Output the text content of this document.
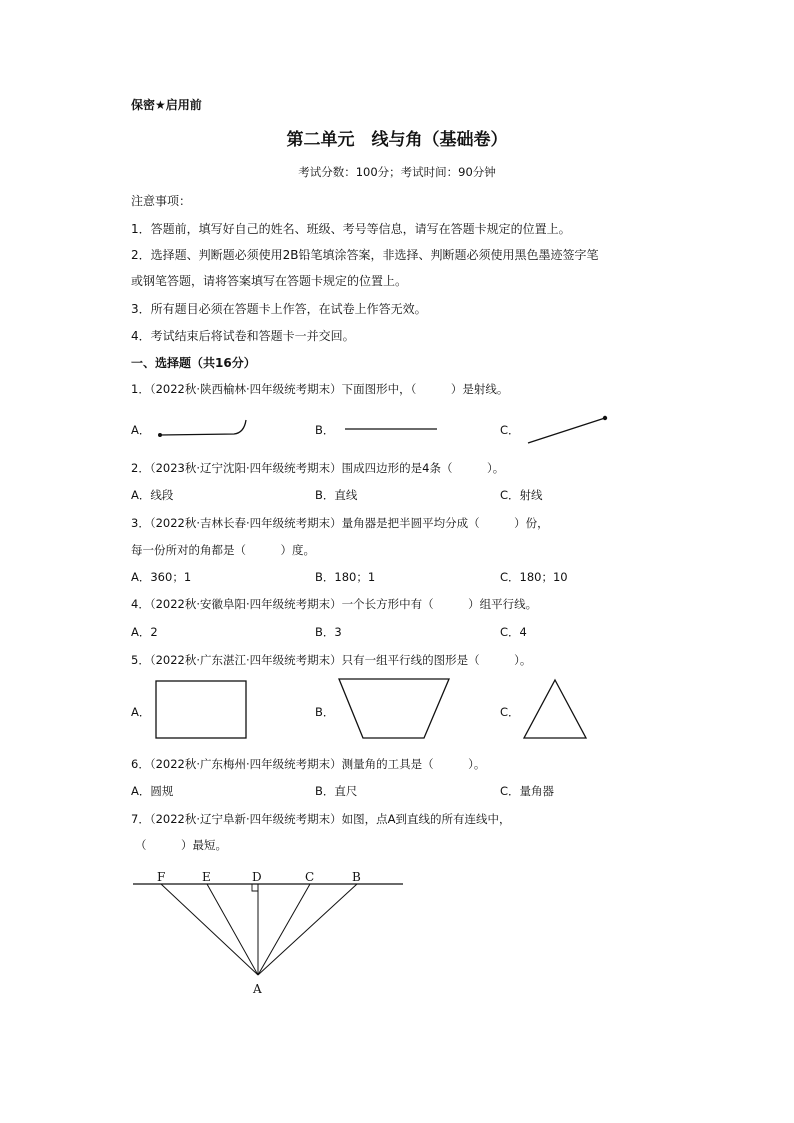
保密★启用前
第二单元　线与角（基础卷）
考试分数：100分；考试时间：90分钟
注意事项：
1．答题前，填写好自己的姓名、班级、考号等信息，请写在答题卡规定的位置上。
2．选择题、判断题必须使用2B铅笔填涂答案，非选择、判断题必须使用黑色墨迹签字笔
或钢笔答题，请将答案填写在答题卡规定的位置上。
3．所有题目必须在答题卡上作答，在试卷上作答无效。
4．考试结束后将试卷和答题卡一并交回。
一、选择题（共16分）
1．（2022秋·陕西榆林·四年级统考期末）下面图形中，（　　　）是射线。
A．	B．	C．
2．（2023秋·辽宁沈阳·四年级统考期末）围成四边形的是4条（　　　）。
A．线段	B．直线	C．射线
3．（2022秋·吉林长春·四年级统考期末）量角器是把半圆平均分成（　　　）份，
每一份所对的角都是（　　　）度。
A．360；1	B．180；1	C．180；10
4．（2022秋·安徽阜阳·四年级统考期末）一个长方形中有（　　　）组平行线。
A．2	B．3	C．4
5．（2022秋·广东湛江·四年级统考期末）只有一组平行线的图形是（　　　）。
A．	B．	C．
6．（2022秋·广东梅州·四年级统考期末）测量角的工具是（　　　）。
A．圆规	B．直尺	C．量角器
7．（2022秋·辽宁阜新·四年级统考期末）如图，点A到直线的所有连线中，
（　　　）最短。
F	E	D	C	B
A
